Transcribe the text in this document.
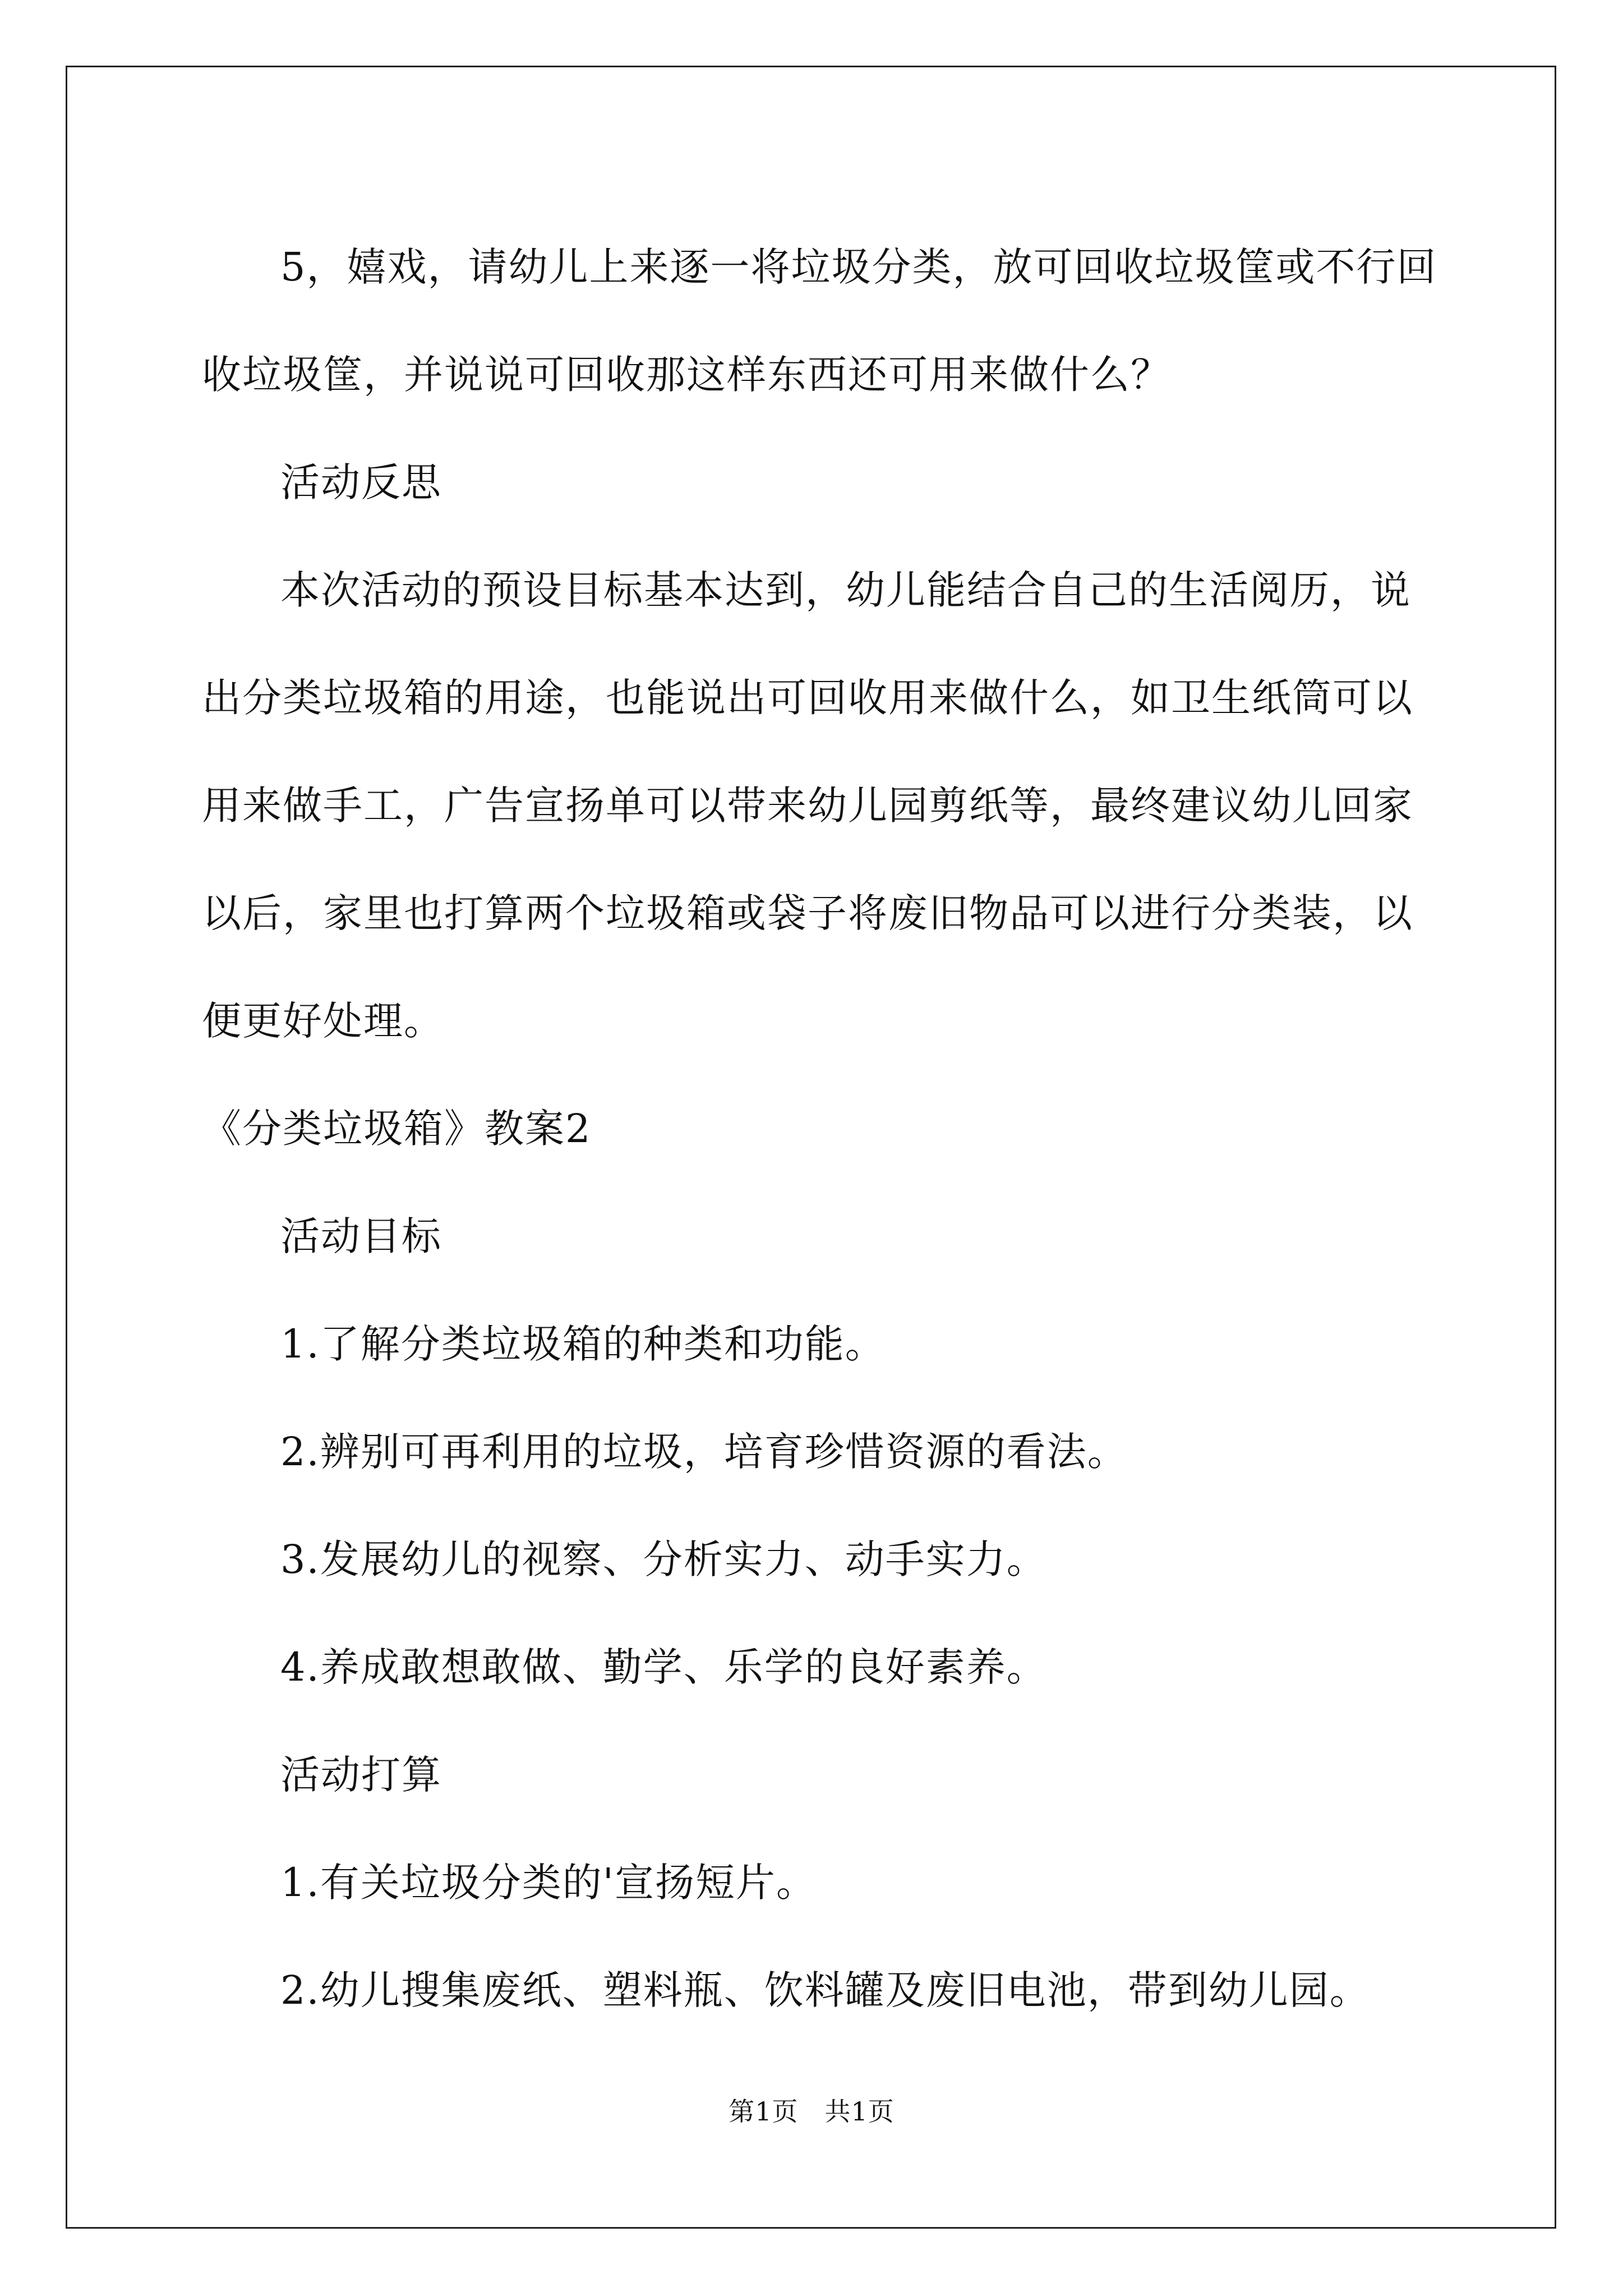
5，嬉戏，请幼儿上来逐一将垃圾分类，放可回收垃圾筐或不行回
收垃圾筐，并说说可回收那这样东西还可用来做什么？
活动反思
本次活动的预设目标基本达到，幼儿能结合自己的生活阅历，说
出分类垃圾箱的用途，也能说出可回收用来做什么，如卫生纸筒可以
用来做手工，广告宣扬单可以带来幼儿园剪纸等，最终建议幼儿回家
以后，家里也打算两个垃圾箱或袋子将废旧物品可以进行分类装，以
便更好处理。
《分类垃圾箱》教案2
活动目标
1.了解分类垃圾箱的种类和功能。
2.辨别可再利用的垃圾，培育珍惜资源的看法。
3.发展幼儿的视察、分析实力、动手实力。
4.养成敢想敢做、勤学、乐学的良好素养。
活动打算
1.有关垃圾分类的'宣扬短片。
2.幼儿搜集废纸、塑料瓶、饮料罐及废旧电池，带到幼儿园。
第1页　共1页
